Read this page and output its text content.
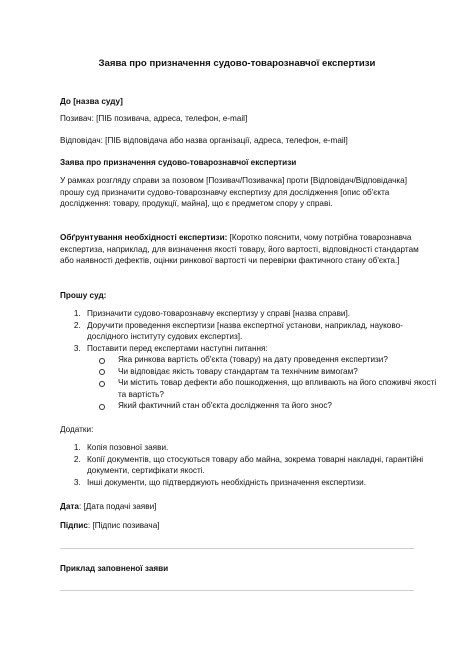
Заява про призначення судово-товарознавчої експертизи
До [назва суду]
Позивач: [ПІБ позивача, адреса, телефон, e-mail]
Відповідач: [ПІБ відповідача або назва організації, адреса, телефон, e-mail]
Заява про призначення судово-товарознавчої експертизи
У рамках розгляду справи за позовом [Позивач/Позивачка] проти [Відповідач/Відповідачка] прошу суд призначити судово-товарознавчу експертизу для дослідження [опис об'єкта дослідження: товару, продукції, майна], що є предметом спору у справі.
Обґрунтування необхідності експертизи: [Коротко пояснити, чому потрібна товарознавча експертиза, наприклад, для визначення якості товару, його вартості, відповідності стандартам або наявності дефектів, оцінки ринкової вартості чи перевірки фактичного стану об'єкта.]
Прошу суд:
1. Призначити судово-товарознавчу експертизу у справі [назва справи].
2. Доручити проведення експертизи [назва експертної установи, наприклад, науково-дослідного інституту судових експертиз].
3. Поставити перед експертами наступні питання:
Яка ринкова вартість об'єкта (товару) на дату проведення експертизи?
Чи відповідає якість товару стандартам та технічним вимогам?
Чи містить товар дефекти або пошкодження, що впливають на його споживчі якості та вартість?
Який фактичний стан об'єкта дослідження та його знос?
Додатки:
1. Копія позовної заяви.
2. Копії документів, що стосуються товару або майна, зокрема товарні накладні, гарантійні документи, сертифікати якості.
3. Інші документи, що підтверджують необхідність призначення експертизи.
Дата: [Дата подачі заяви]
Підпис: [Підпис позивача]
Приклад заповненої заяви
